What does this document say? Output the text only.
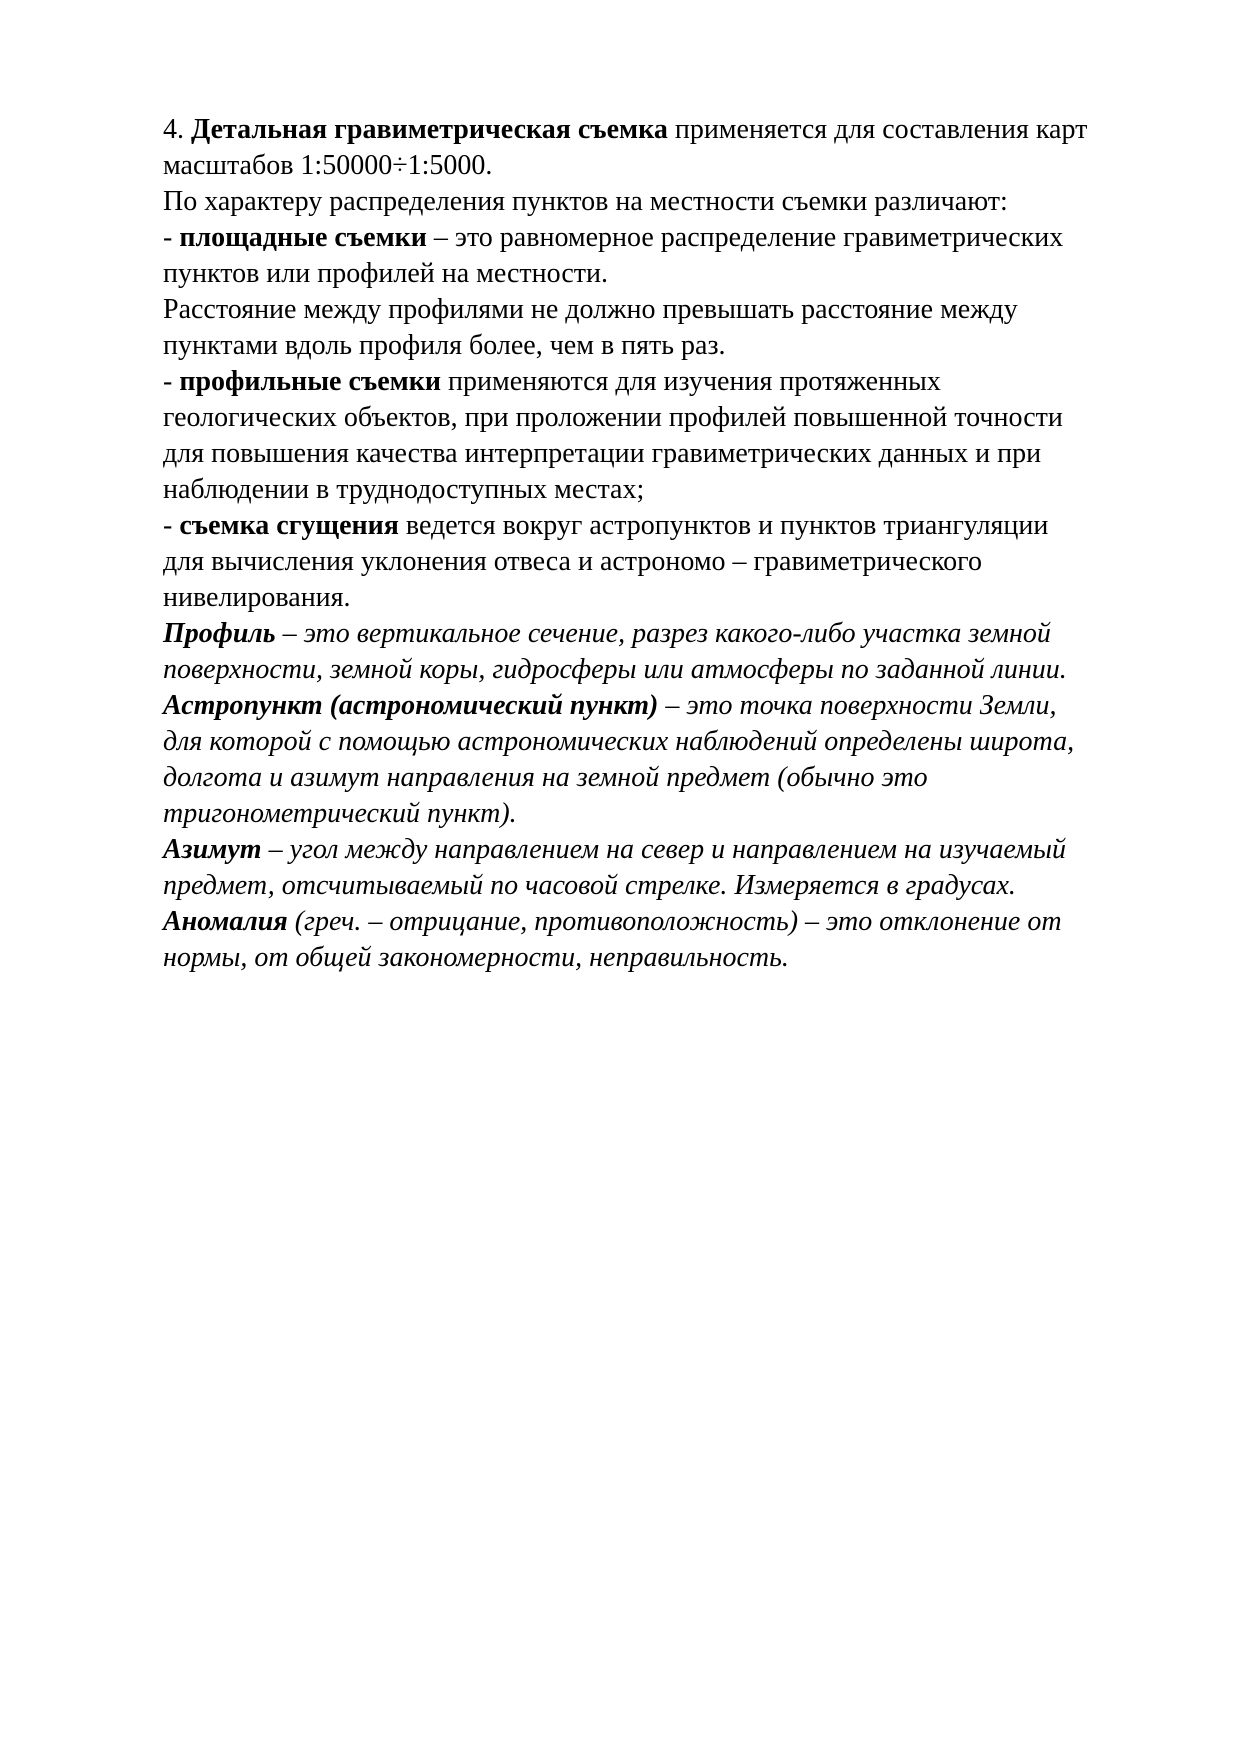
4. Детальная гравиметрическая съемка применяется для составления карт масштабов 1:50000÷1:5000.

По характеру распределения пунктов на местности съемки различают:

- площадные съемки – это равномерное распределение гравиметрических пунктов или профилей на местности.

Расстояние между профилями не должно превышать расстояние между пунктами вдоль профиля более, чем в пять раз.

- профильные съемки применяются для изучения протяженных геологических объектов, при проложении профилей повышенной точности для повышения качества интерпретации гравиметрических данных и при наблюдении в труднодоступных местах;

- съемка сгущения ведется вокруг астропунктов и пунктов триангуляции для вычисления уклонения отвеса и астрономо – гравиметрического нивелирования.

Профиль – это вертикальное сечение, разрез какого-либо участка земной поверхности, земной коры, гидросферы или атмосферы по заданной линии.

Астропункт (астрономический пункт) – это точка поверхности Земли, для которой с помощью астрономических наблюдений определены широта, долгота и азимут направления на земной предмет (обычно это тригонометрический пункт).

Азимут – угол между направлением на север и направлением на изучаемый предмет, отсчитываемый по часовой стрелке. Измеряется в градусах.

Аномалия (греч. – отрицание, противоположность) – это отклонение от нормы, от общей закономерности, неправильность.
